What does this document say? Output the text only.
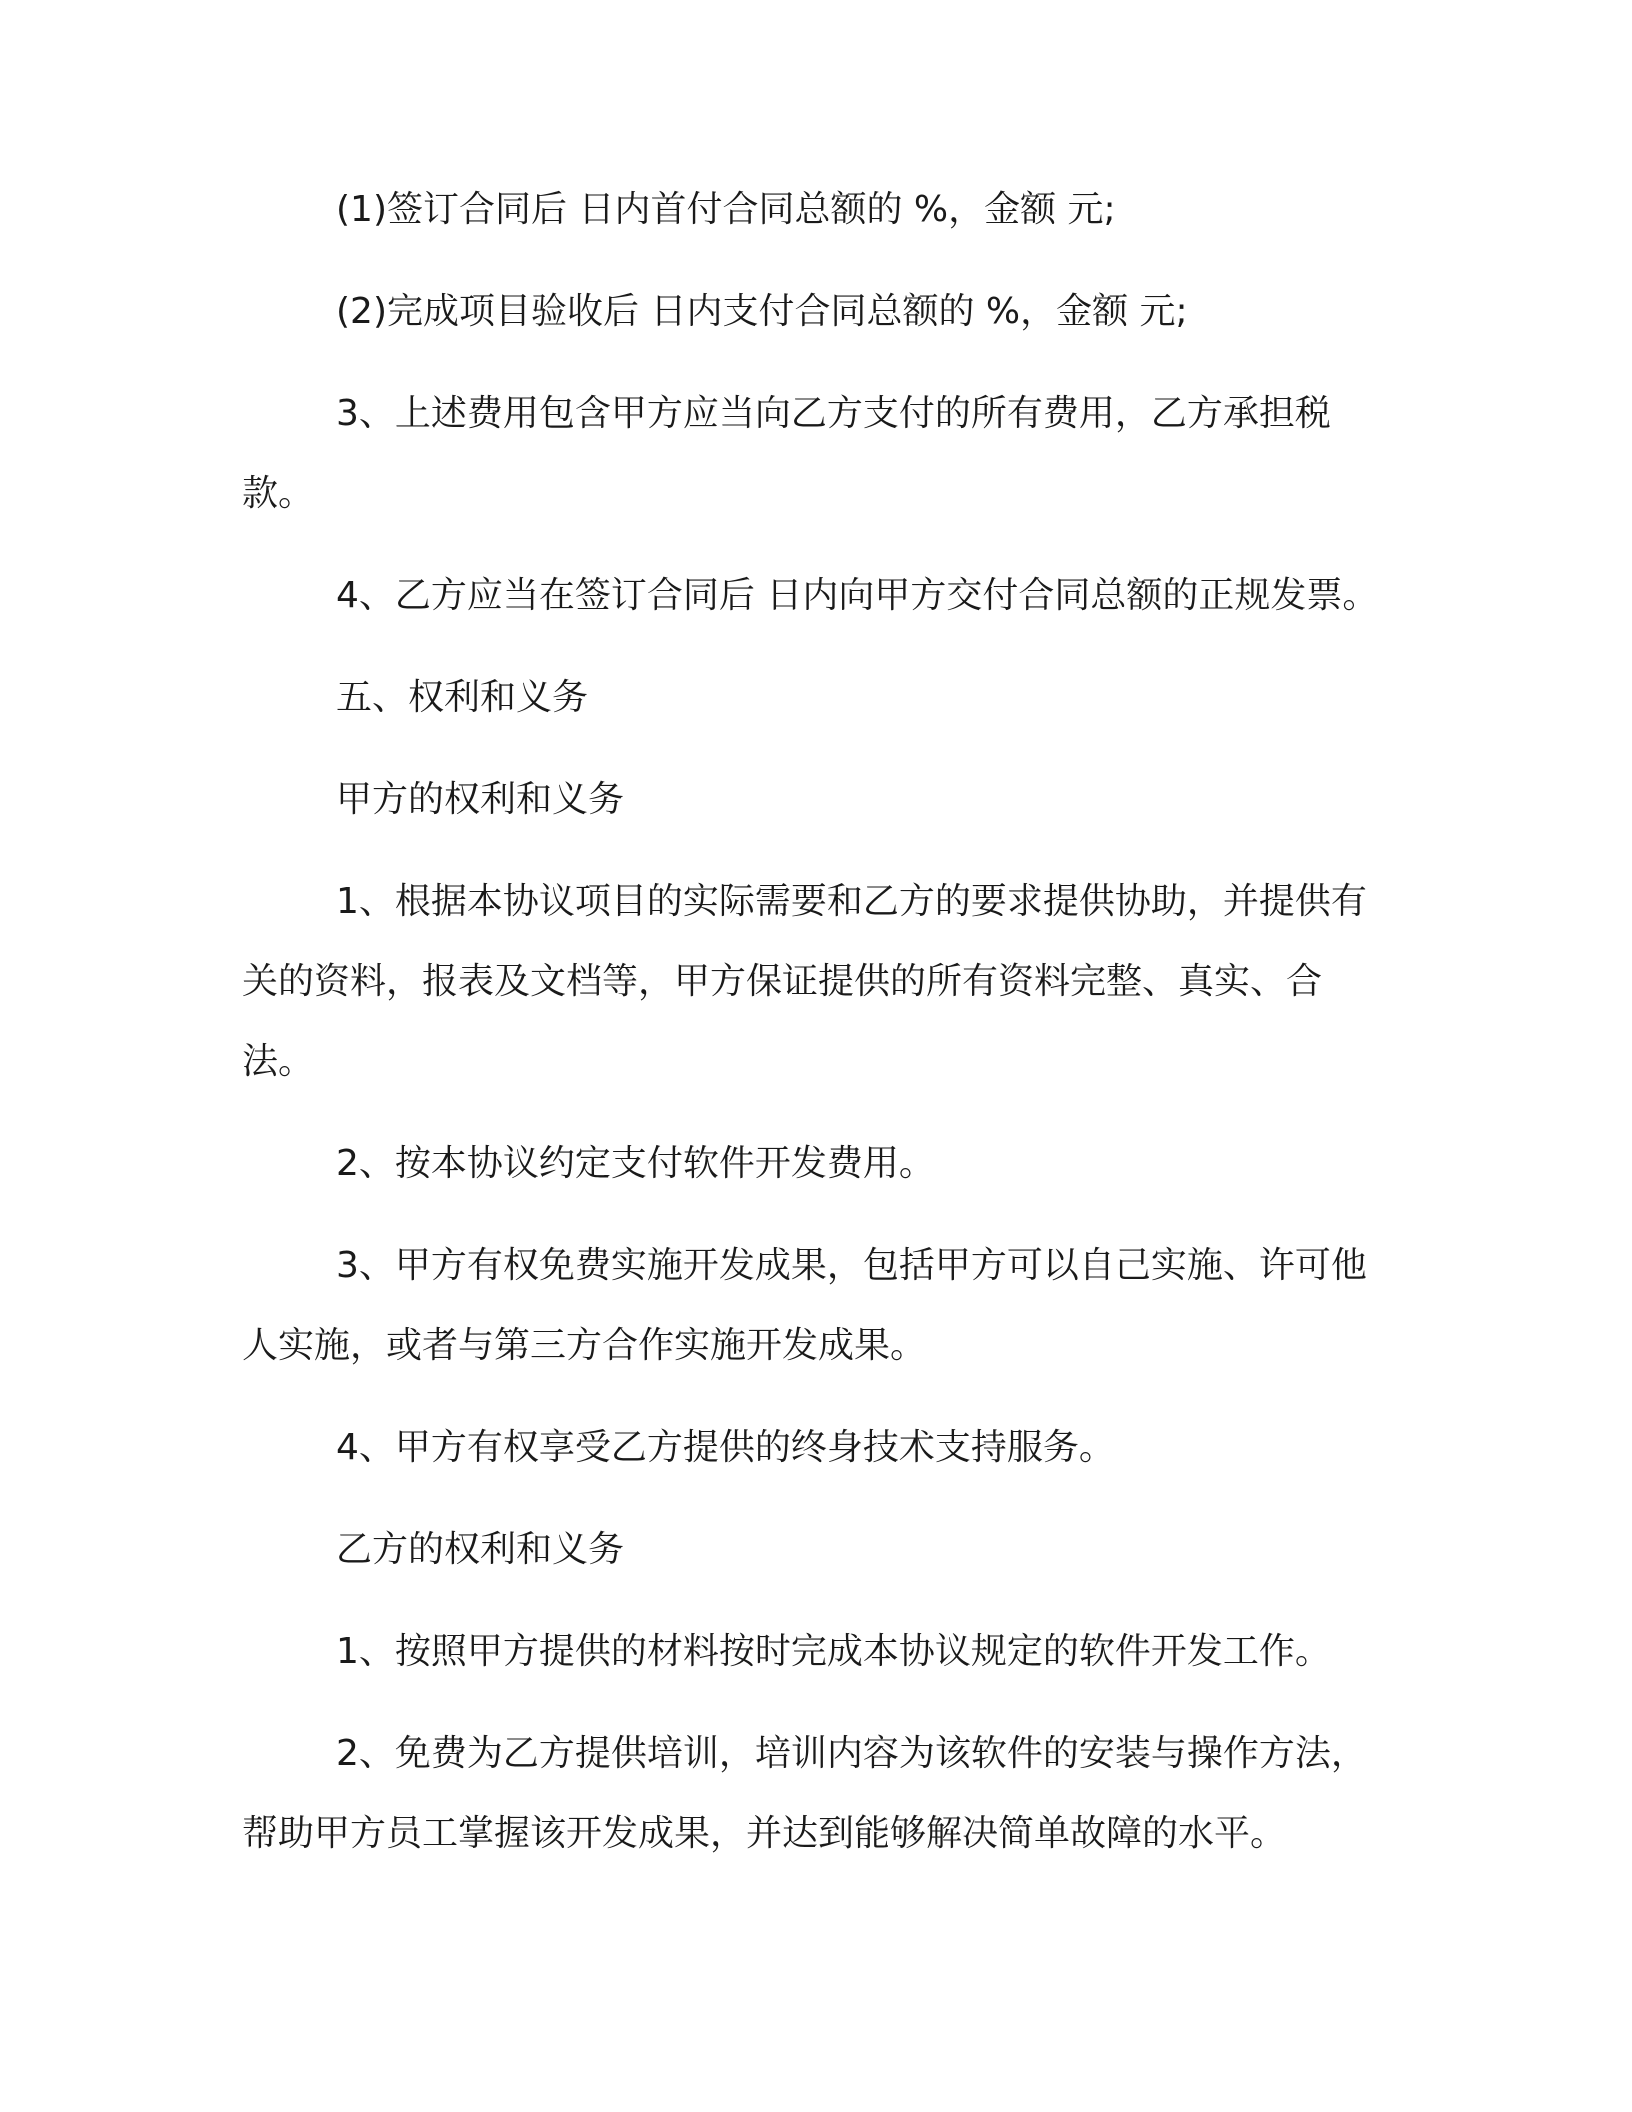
(1)签订合同后 日内首付合同总额的 %，金额 元;

(2)完成项目验收后 日内支付合同总额的 %，金额 元;

3、上述费用包含甲方应当向乙方支付的所有费用，乙方承担税款。

4、乙方应当在签订合同后 日内向甲方交付合同总额的正规发票。

五、权利和义务

甲方的权利和义务

1、根据本协议项目的实际需要和乙方的要求提供协助，并提供有关的资料，报表及文档等，甲方保证提供的所有资料完整、真实、合法。

2、按本协议约定支付软件开发费用。

3、甲方有权免费实施开发成果，包括甲方可以自己实施、许可他人实施，或者与第三方合作实施开发成果。

4、甲方有权享受乙方提供的终身技术支持服务。

乙方的权利和义务

1、按照甲方提供的材料按时完成本协议规定的软件开发工作。

2、免费为乙方提供培训，培训内容为该软件的安装与操作方法，帮助甲方员工掌握该开发成果，并达到能够解决简单故障的水平。
